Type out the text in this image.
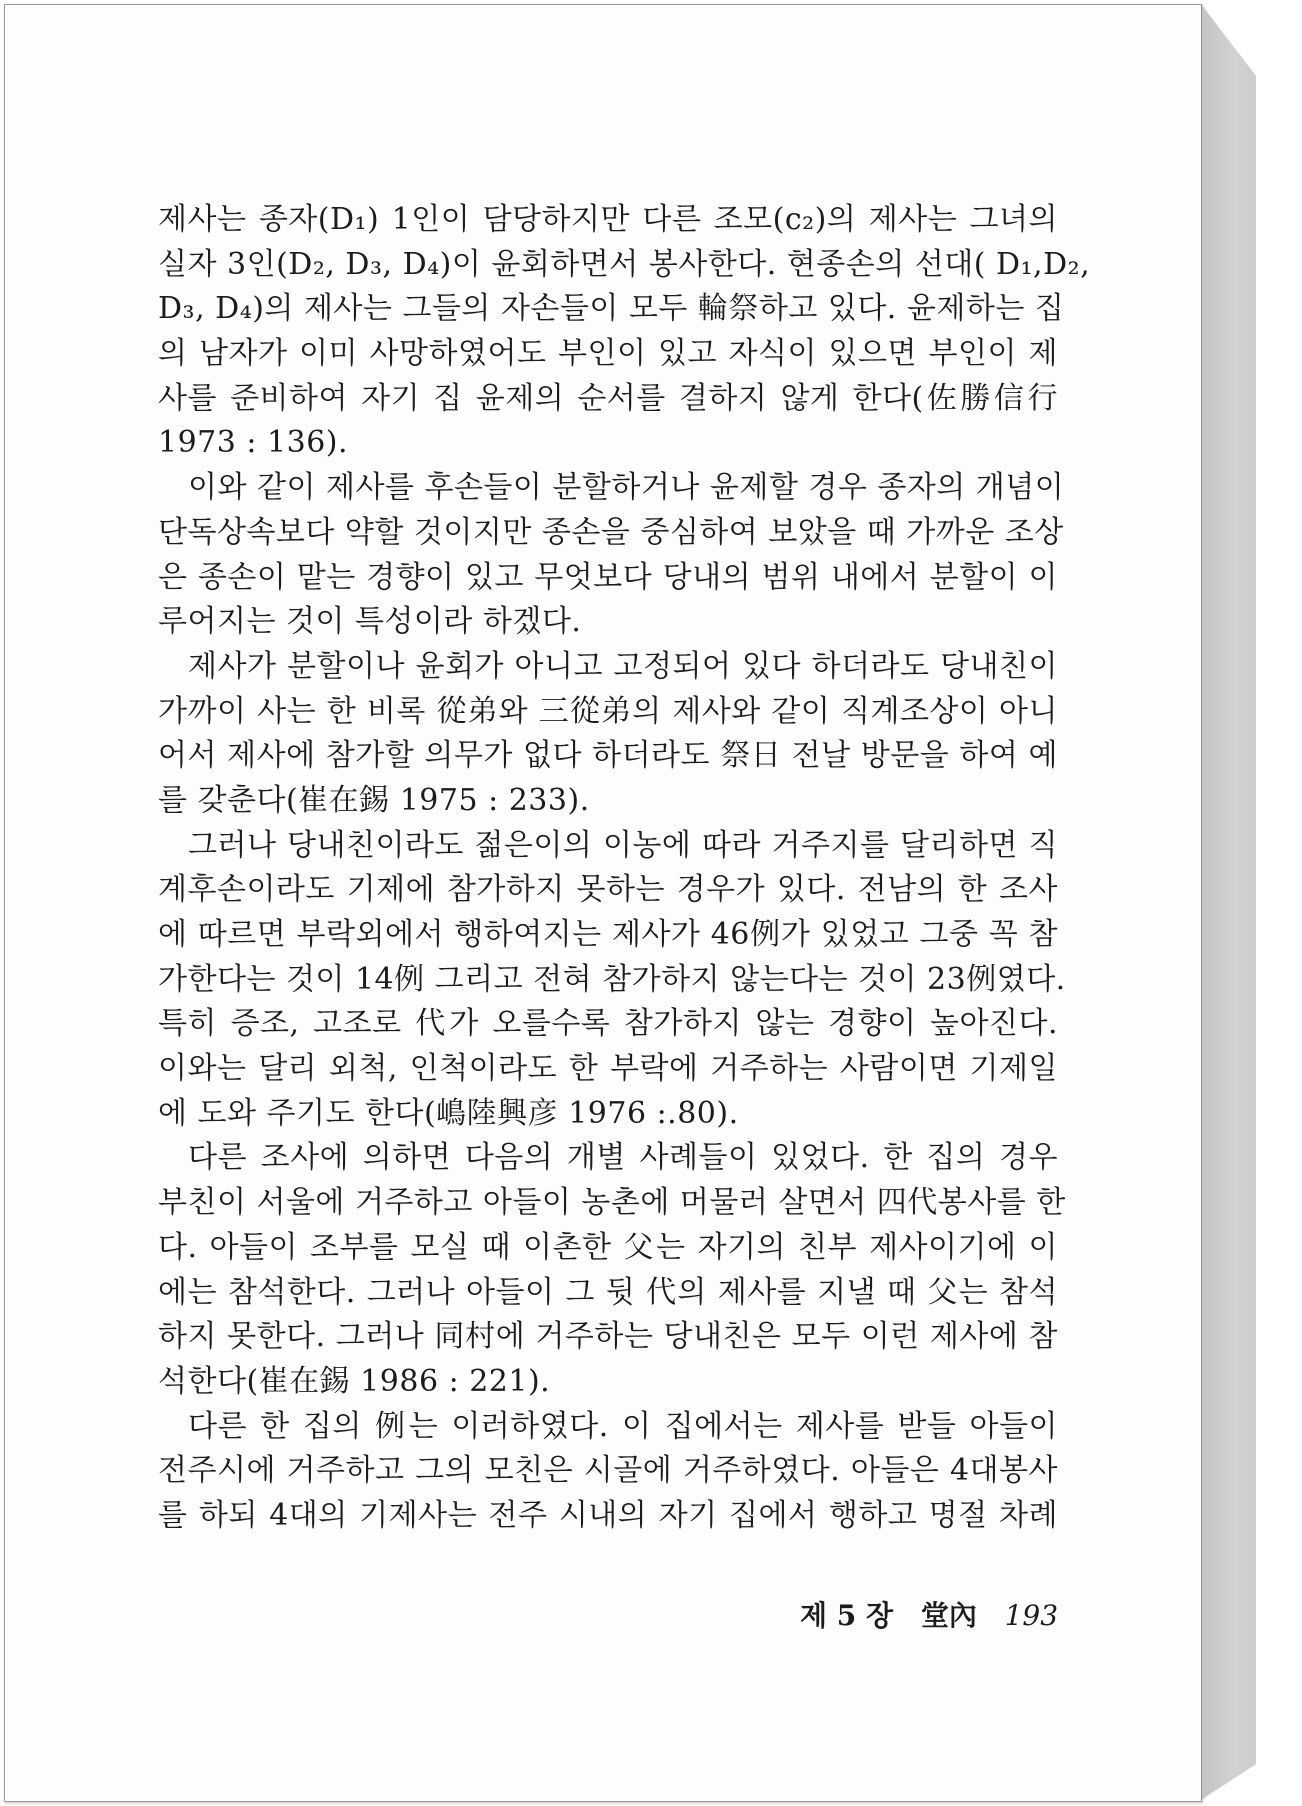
제사는 종자(D₁) 1인이 담당하지만 다른 조모(c₂)의 제사는 그녀의
실자 3인(D₂, D₃, D₄)이 윤회하면서 봉사한다. 현종손의 선대( D₁,D₂,
D₃, D₄)의 제사는 그들의 자손들이 모두 輪祭하고 있다. 윤제하는 집
의 남자가 이미 사망하였어도 부인이 있고 자식이 있으면 부인이 제
사를 준비하여 자기 집 윤제의 순서를 결하지 않게 한다(佐勝信行
1973 : 136).
이와 같이 제사를 후손들이 분할하거나 윤제할 경우 종자의 개념이
단독상속보다 약할 것이지만 종손을 중심하여 보았을 때 가까운 조상
은 종손이 맡는 경향이 있고 무엇보다 당내의 범위 내에서 분할이 이
루어지는 것이 특성이라 하겠다.
제사가 분할이나 윤회가 아니고 고정되어 있다 하더라도 당내친이
가까이 사는 한 비록 從弟와 三從弟의 제사와 같이 직계조상이 아니
어서 제사에 참가할 의무가 없다 하더라도 祭日 전날 방문을 하여 예
를 갖춘다(崔在錫 1975 : 233).
그러나 당내친이라도 젊은이의 이농에 따라 거주지를 달리하면 직
계후손이라도 기제에 참가하지 못하는 경우가 있다. 전남의 한 조사
에 따르면 부락외에서 행하여지는 제사가 46例가 있었고 그중 꼭 참
가한다는 것이 14例 그리고 전혀 참가하지 않는다는 것이 23例였다.
특히 증조, 고조로 代가 오를수록 참가하지 않는 경향이 높아진다.
이와는 달리 외척, 인척이라도 한 부락에 거주하는 사람이면 기제일
에 도와 주기도 한다(嶋陸興彦 1976 :.80).
다른 조사에 의하면 다음의 개별 사례들이 있었다. 한 집의 경우
부친이 서울에 거주하고 아들이 농촌에 머물러 살면서 四代봉사를 한
다. 아들이 조부를 모실 때 이촌한 父는 자기의 친부 제사이기에 이
에는 참석한다. 그러나 아들이 그 뒷 代의 제사를 지낼 때 父는 참석
하지 못한다. 그러나 同村에 거주하는 당내친은 모두 이런 제사에 참
석한다(崔在錫 1986 : 221).
다른 한 집의 例는 이러하였다. 이 집에서는 제사를 받들 아들이
전주시에 거주하고 그의 모친은 시골에 거주하였다. 아들은 4대봉사
를 하되 4대의 기제사는 전주 시내의 자기 집에서 행하고 명절 차례
제 5 장 堂內 193
